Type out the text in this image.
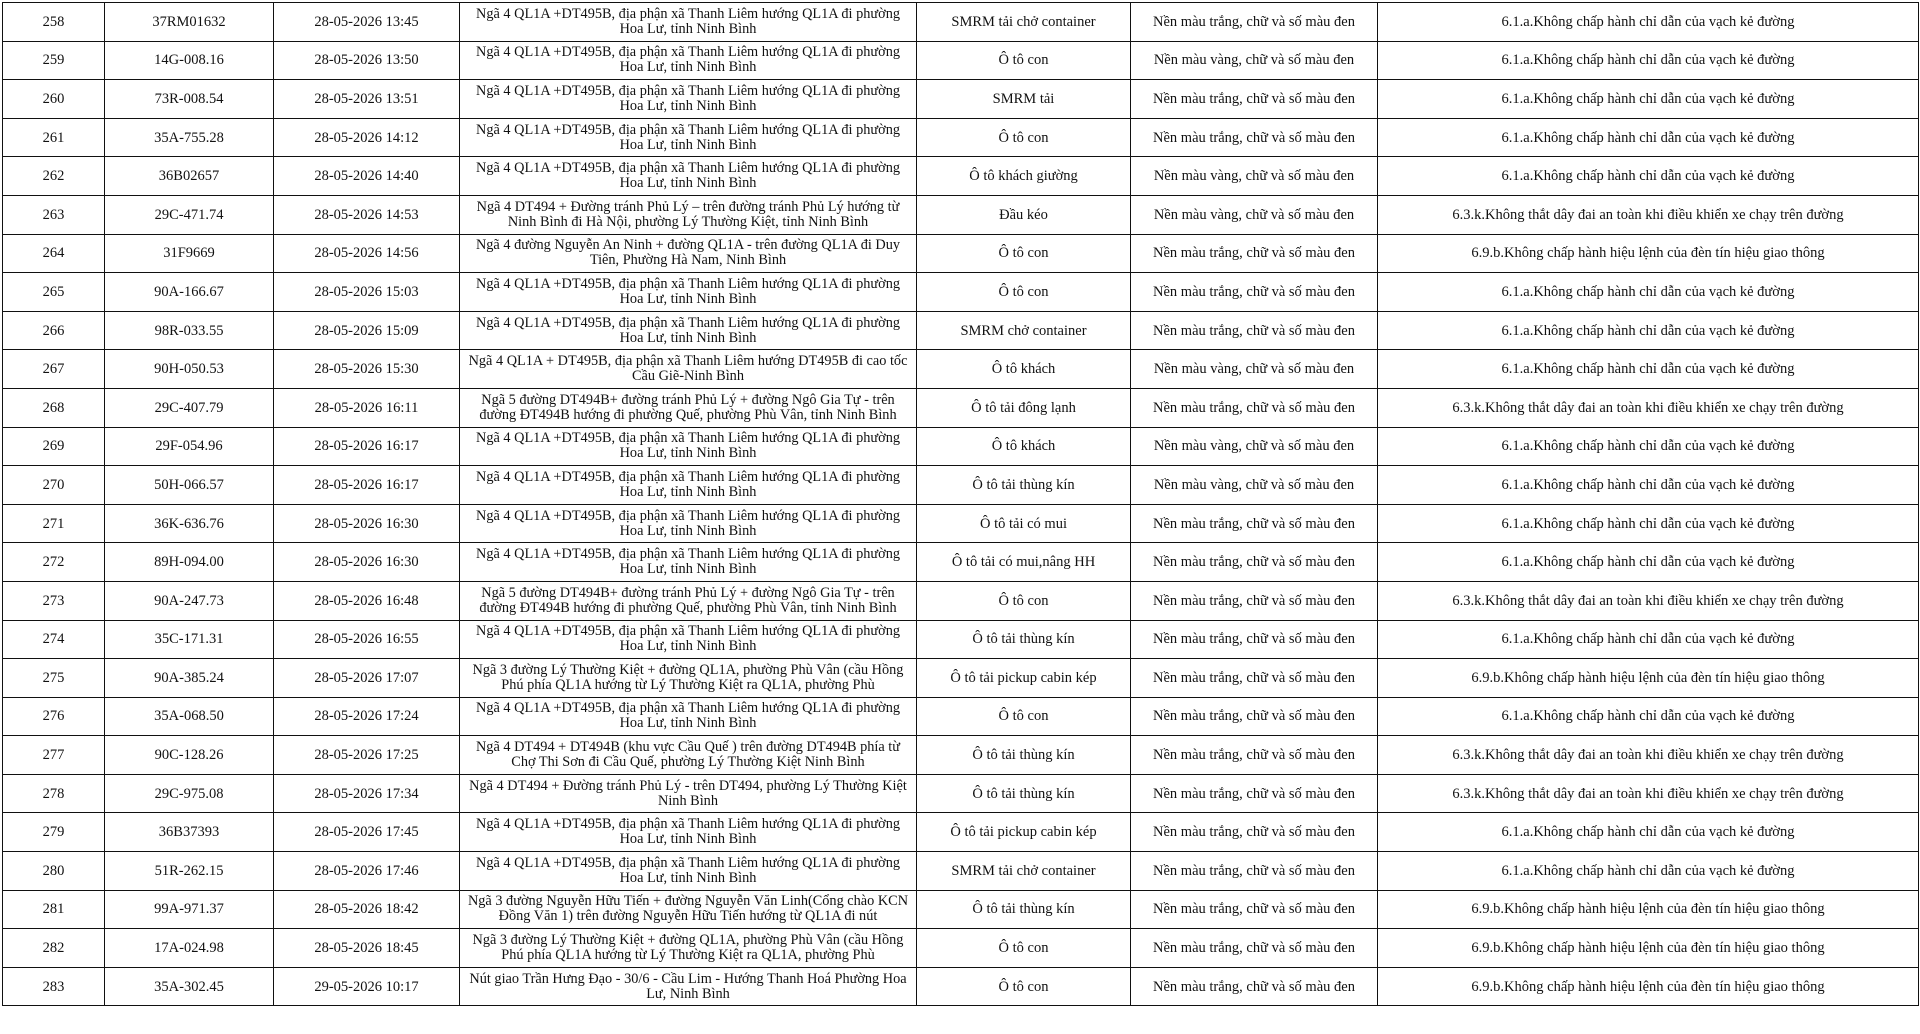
258	37RM01632	28-05-2026 13:45	Ngã 4 QL1A +DT495B, địa phận xã Thanh Liêm hướng QL1A đi phường Hoa Lư, tỉnh Ninh Bình	SMRM tải chở container	Nền màu trắng, chữ và số màu đen	6.1.a.Không chấp hành chỉ dẫn của vạch kẻ đường
259	14G-008.16	28-05-2026 13:50	Ngã 4 QL1A +DT495B, địa phận xã Thanh Liêm hướng QL1A đi phường Hoa Lư, tỉnh Ninh Bình	Ô tô con	Nền màu vàng, chữ và số màu đen	6.1.a.Không chấp hành chỉ dẫn của vạch kẻ đường
260	73R-008.54	28-05-2026 13:51	Ngã 4 QL1A +DT495B, địa phận xã Thanh Liêm hướng QL1A đi phường Hoa Lư, tỉnh Ninh Bình	SMRM tải	Nền màu trắng, chữ và số màu đen	6.1.a.Không chấp hành chỉ dẫn của vạch kẻ đường
261	35A-755.28	28-05-2026 14:12	Ngã 4 QL1A +DT495B, địa phận xã Thanh Liêm hướng QL1A đi phường Hoa Lư, tỉnh Ninh Bình	Ô tô con	Nền màu trắng, chữ và số màu đen	6.1.a.Không chấp hành chỉ dẫn của vạch kẻ đường
262	36B02657	28-05-2026 14:40	Ngã 4 QL1A +DT495B, địa phận xã Thanh Liêm hướng QL1A đi phường Hoa Lư, tỉnh Ninh Bình	Ô tô khách giường	Nền màu vàng, chữ và số màu đen	6.1.a.Không chấp hành chỉ dẫn của vạch kẻ đường
263	29C-471.74	28-05-2026 14:53	Ngã 4 DT494 + Đường tránh Phủ Lý – trên đường tránh Phủ Lý hướng từ Ninh Bình đi Hà Nội, phường Lý Thường Kiệt, tỉnh Ninh Bình	Đầu kéo	Nền màu vàng, chữ và số màu đen	6.3.k.Không thắt dây đai an toàn khi điều khiển xe chạy trên đường
264	31F9669	28-05-2026 14:56	Ngã 4 đường Nguyễn An Ninh + đường QL1A - trên đường QL1A đi Duy Tiên, Phường Hà Nam, Ninh Bình	Ô tô con	Nền màu trắng, chữ và số màu đen	6.9.b.Không chấp hành hiệu lệnh của đèn tín hiệu giao thông
265	90A-166.67	28-05-2026 15:03	Ngã 4 QL1A +DT495B, địa phận xã Thanh Liêm hướng QL1A đi phường Hoa Lư, tỉnh Ninh Bình	Ô tô con	Nền màu trắng, chữ và số màu đen	6.1.a.Không chấp hành chỉ dẫn của vạch kẻ đường
266	98R-033.55	28-05-2026 15:09	Ngã 4 QL1A +DT495B, địa phận xã Thanh Liêm hướng QL1A đi phường Hoa Lư, tỉnh Ninh Bình	SMRM chở container	Nền màu trắng, chữ và số màu đen	6.1.a.Không chấp hành chỉ dẫn của vạch kẻ đường
267	90H-050.53	28-05-2026 15:30	Ngã 4 QL1A + DT495B, địa phận xã Thanh Liêm hướng DT495B đi cao tốc Cầu Giẽ-Ninh Bình	Ô tô khách	Nền màu vàng, chữ và số màu đen	6.1.a.Không chấp hành chỉ dẫn của vạch kẻ đường
268	29C-407.79	28-05-2026 16:11	Ngã 5 đường DT494B+ đường tránh Phủ Lý + đường Ngô Gia Tự - trên đường ĐT494B hướng đi phường Quế, phường Phù Vân, tỉnh Ninh Bình	Ô tô tải đông lạnh	Nền màu trắng, chữ và số màu đen	6.3.k.Không thắt dây đai an toàn khi điều khiển xe chạy trên đường
269	29F-054.96	28-05-2026 16:17	Ngã 4 QL1A +DT495B, địa phận xã Thanh Liêm hướng QL1A đi phường Hoa Lư, tỉnh Ninh Bình	Ô tô khách	Nền màu vàng, chữ và số màu đen	6.1.a.Không chấp hành chỉ dẫn của vạch kẻ đường
270	50H-066.57	28-05-2026 16:17	Ngã 4 QL1A +DT495B, địa phận xã Thanh Liêm hướng QL1A đi phường Hoa Lư, tỉnh Ninh Bình	Ô tô tải thùng kín	Nền màu vàng, chữ và số màu đen	6.1.a.Không chấp hành chỉ dẫn của vạch kẻ đường
271	36K-636.76	28-05-2026 16:30	Ngã 4 QL1A +DT495B, địa phận xã Thanh Liêm hướng QL1A đi phường Hoa Lư, tỉnh Ninh Bình	Ô tô tải có mui	Nền màu trắng, chữ và số màu đen	6.1.a.Không chấp hành chỉ dẫn của vạch kẻ đường
272	89H-094.00	28-05-2026 16:30	Ngã 4 QL1A +DT495B, địa phận xã Thanh Liêm hướng QL1A đi phường Hoa Lư, tỉnh Ninh Bình	Ô tô tải có mui,nâng HH	Nền màu trắng, chữ và số màu đen	6.1.a.Không chấp hành chỉ dẫn của vạch kẻ đường
273	90A-247.73	28-05-2026 16:48	Ngã 5 đường DT494B+ đường tránh Phủ Lý + đường Ngô Gia Tự - trên đường ĐT494B hướng đi phường Quế, phường Phù Vân, tỉnh Ninh Bình	Ô tô con	Nền màu trắng, chữ và số màu đen	6.3.k.Không thắt dây đai an toàn khi điều khiển xe chạy trên đường
274	35C-171.31	28-05-2026 16:55	Ngã 4 QL1A +DT495B, địa phận xã Thanh Liêm hướng QL1A đi phường Hoa Lư, tỉnh Ninh Bình	Ô tô tải thùng kín	Nền màu trắng, chữ và số màu đen	6.1.a.Không chấp hành chỉ dẫn của vạch kẻ đường
275	90A-385.24	28-05-2026 17:07	Ngã 3 đường Lý Thường Kiệt + đường QL1A, phường Phù Vân (cầu Hồng Phú phía QL1A hướng từ Lý Thường Kiệt ra QL1A, phường Phù	Ô tô tải pickup cabin kép	Nền màu trắng, chữ và số màu đen	6.9.b.Không chấp hành hiệu lệnh của đèn tín hiệu giao thông
276	35A-068.50	28-05-2026 17:24	Ngã 4 QL1A +DT495B, địa phận xã Thanh Liêm hướng QL1A đi phường Hoa Lư, tỉnh Ninh Bình	Ô tô con	Nền màu trắng, chữ và số màu đen	6.1.a.Không chấp hành chỉ dẫn của vạch kẻ đường
277	90C-128.26	28-05-2026 17:25	Ngã 4 DT494 + DT494B (khu vực Cầu Quế ) trên đường DT494B phía từ Chợ Thi Sơn đi Cầu Quế, phường Lý Thường Kiệt Ninh Bình	Ô tô tải thùng kín	Nền màu trắng, chữ và số màu đen	6.3.k.Không thắt dây đai an toàn khi điều khiển xe chạy trên đường
278	29C-975.08	28-05-2026 17:34	Ngã 4 DT494 + Đường tránh Phủ Lý - trên DT494, phường Lý Thường Kiệt Ninh Bình	Ô tô tải thùng kín	Nền màu trắng, chữ và số màu đen	6.3.k.Không thắt dây đai an toàn khi điều khiển xe chạy trên đường
279	36B37393	28-05-2026 17:45	Ngã 4 QL1A +DT495B, địa phận xã Thanh Liêm hướng QL1A đi phường Hoa Lư, tỉnh Ninh Bình	Ô tô tải pickup cabin kép	Nền màu trắng, chữ và số màu đen	6.1.a.Không chấp hành chỉ dẫn của vạch kẻ đường
280	51R-262.15	28-05-2026 17:46	Ngã 4 QL1A +DT495B, địa phận xã Thanh Liêm hướng QL1A đi phường Hoa Lư, tỉnh Ninh Bình	SMRM tải chở container	Nền màu trắng, chữ và số màu đen	6.1.a.Không chấp hành chỉ dẫn của vạch kẻ đường
281	99A-971.37	28-05-2026 18:42	Ngã 3 đường Nguyễn Hữu Tiến + đường Nguyễn Văn Linh(Cổng chào KCN Đồng Văn 1) trên đường Nguyễn Hữu Tiến hướng từ QL1A đi nút	Ô tô tải thùng kín	Nền màu trắng, chữ và số màu đen	6.9.b.Không chấp hành hiệu lệnh của đèn tín hiệu giao thông
282	17A-024.98	28-05-2026 18:45	Ngã 3 đường Lý Thường Kiệt + đường QL1A, phường Phù Vân (cầu Hồng Phú phía QL1A hướng từ Lý Thường Kiệt ra QL1A, phường Phù	Ô tô con	Nền màu trắng, chữ và số màu đen	6.9.b.Không chấp hành hiệu lệnh của đèn tín hiệu giao thông
283	35A-302.45	29-05-2026 10:17	Nút giao Trần Hưng Đạo - 30/6 - Cầu Lim - Hướng Thanh Hoá Phường Hoa Lư, Ninh Bình	Ô tô con	Nền màu trắng, chữ và số màu đen	6.9.b.Không chấp hành hiệu lệnh của đèn tín hiệu giao thông
